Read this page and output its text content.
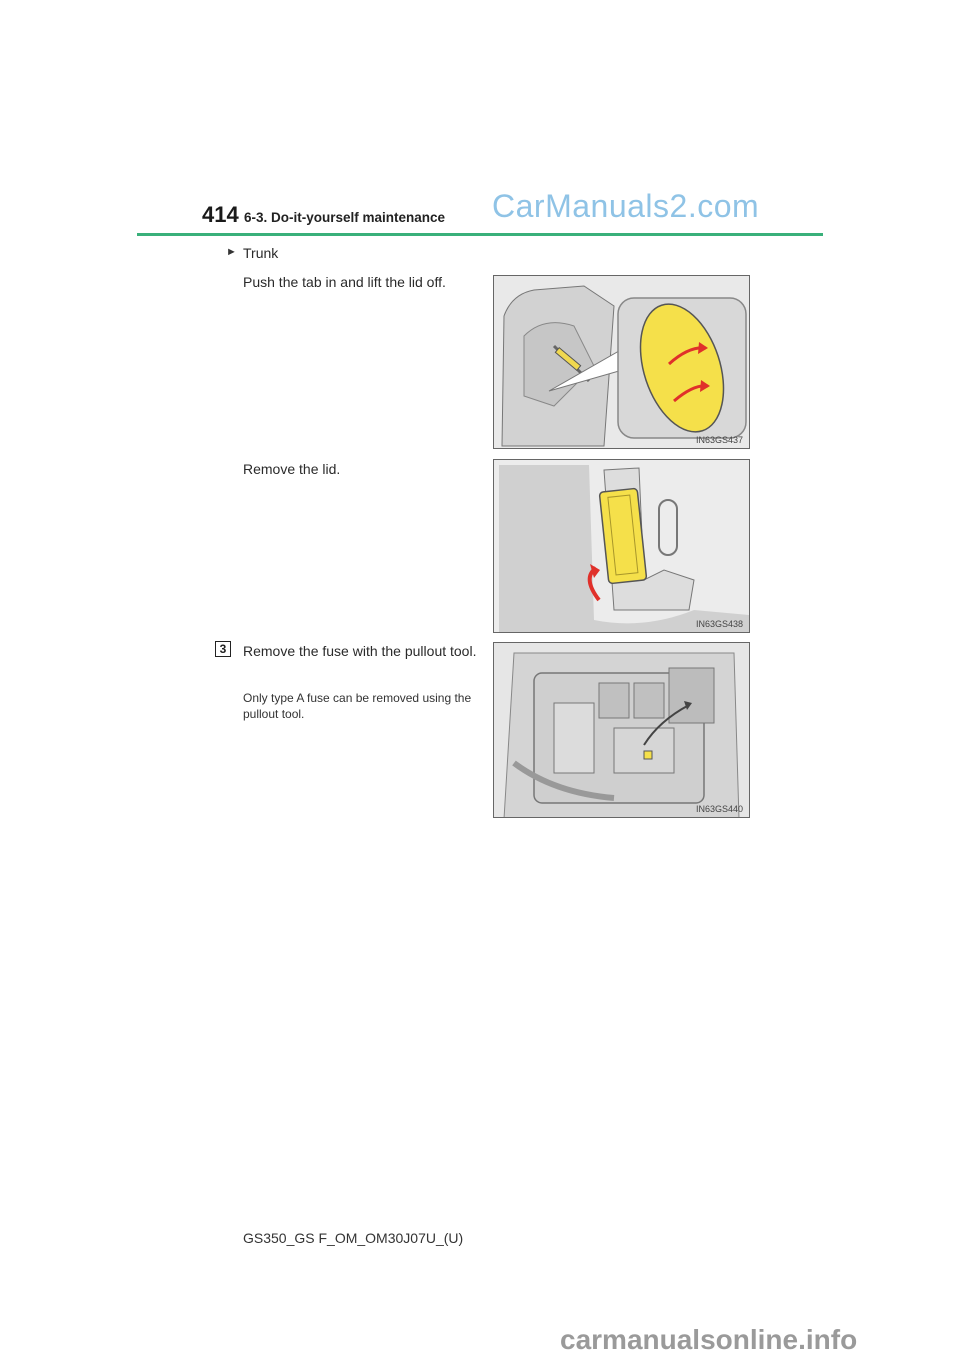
414 6-3. Do-it-yourself maintenance CarManuals2.com
► Trunk
Push the tab in and lift the lid off.
IN63GS437
Remove the lid.
IN63GS438
3	Remove the fuse with the pullout tool.
Only type A fuse can be removed using the pullout tool.
IN63GS440
GS350_GS F_OM_OM30J07U_(U)
carmanualsonline.info
